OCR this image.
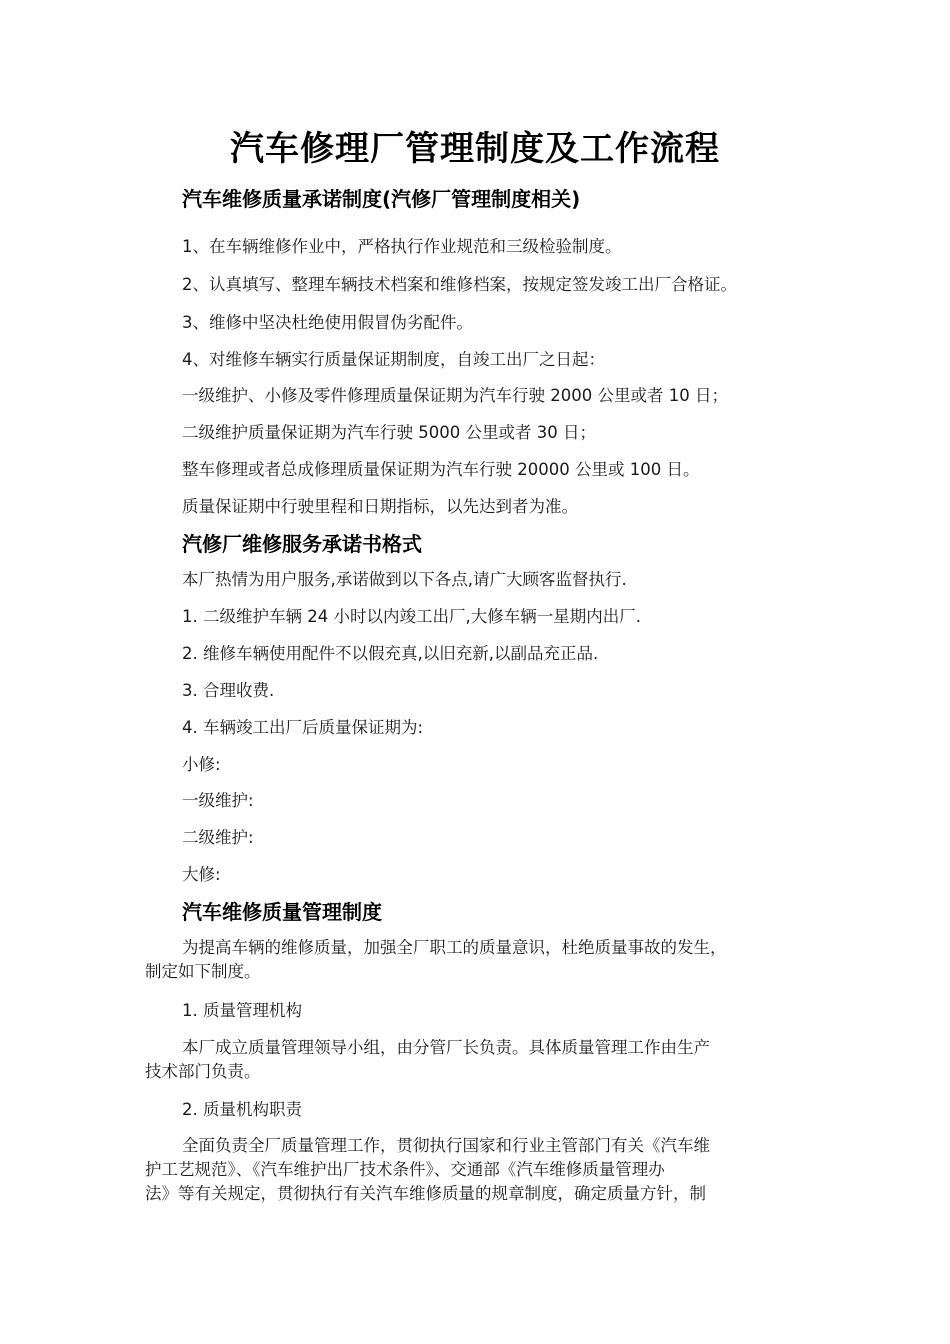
汽车修理厂管理制度及工作流程
汽车维修质量承诺制度(汽修厂管理制度相关)
1、在车辆维修作业中，严格执行作业规范和三级检验制度。
2、认真填写、整理车辆技术档案和维修档案，按规定签发竣工出厂合格证。
3、维修中坚决杜绝使用假冒伪劣配件。
4、对维修车辆实行质量保证期制度，自竣工出厂之日起：
一级维护、小修及零件修理质量保证期为汽车行驶 2000 公里或者 10 日；
二级维护质量保证期为汽车行驶 5000 公里或者 30 日；
整车修理或者总成修理质量保证期为汽车行驶 20000 公里或 100 日。
质量保证期中行驶里程和日期指标，以先达到者为准。
汽修厂维修服务承诺书格式
本厂热情为用户服务,承诺做到以下各点,请广大顾客监督执行.
1. 二级维护车辆 24 小时以内竣工出厂,大修车辆一星期内出厂.
2. 维修车辆使用配件不以假充真,以旧充新,以副品充正品.
3. 合理收费.
4. 车辆竣工出厂后质量保证期为:
小修:
一级维护:
二级维护:
大修:
汽车维修质量管理制度
为提高车辆的维修质量，加强全厂职工的质量意识，杜绝质量事故的发生，
制定如下制度。
1. 质量管理机构
本厂成立质量管理领导小组，由分管厂长负责。具体质量管理工作由生产
技术部门负责。
2. 质量机构职责
全面负责全厂质量管理工作，贯彻执行国家和行业主管部门有关《汽车维
护工艺规范》、《汽车维护出厂技术条件》、交通部《汽车维修质量管理办
法》等有关规定，贯彻执行有关汽车维修质量的规章制度，确定质量方针，制
